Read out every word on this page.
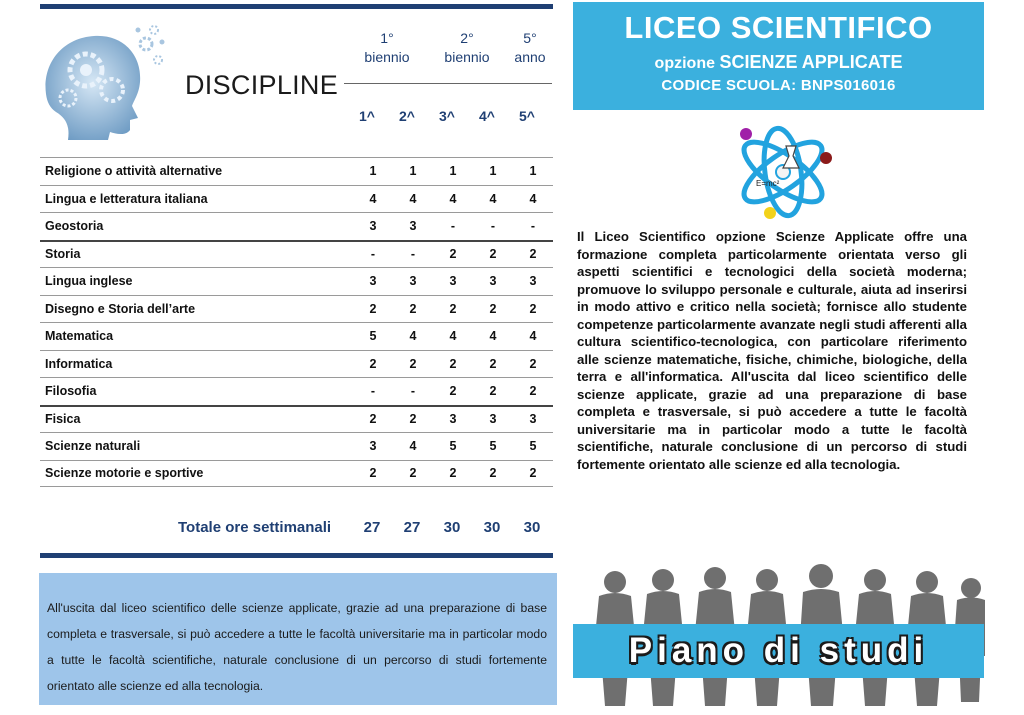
DISCIPLINE
1°
biennio
2°
biennio
5°
anno
1^	2^	3^	4^	5^
Religione o attività alternative	1	1	1	1	1
Lingua e letteratura italiana	4	4	4	4	4
Geostoria	3	3	-	-	-
Storia	-	-	2	2	2
Lingua inglese	3	3	3	3	3
Disegno e Storia dell’arte	2	2	2	2	2
Matematica	5	4	4	4	4
Informatica	2	2	2	2	2
Filosofia	-	-	2	2	2
Fisica	2	2	3	3	3
Scienze naturali	3	4	5	5	5
Scienze motorie e sportive	2	2	2	2	2
Totale ore settimanali	27	27	30	30	30

All'uscita dal liceo scientifico delle scienze applicate, grazie ad una preparazione di base completa e trasversale, si può accedere a tutte le facoltà universitarie ma in particolar modo a tutte le facoltà scientifiche, naturale conclusione di un percorso di studi fortemente orientato alle scienze ed alla tecnologia.

LICEO SCIENTIFICO
opzione SCIENZE APPLICATE
CODICE SCUOLA: BNPS016016
E=mc²

Il Liceo Scientifico opzione Scienze Applicate offre una formazione completa particolarmente orientata verso gli aspetti scientifici e tecnologici della società moderna; promuove lo sviluppo personale e culturale, aiuta ad inserirsi in modo attivo e critico nella società; fornisce allo studente competenze particolarmente avanzate negli studi afferenti alla cultura scientifico-tecnologica, con particolare riferimento alle scienze matematiche, fisiche, chimiche, biologiche, della terra e all'informatica. All'uscita dal liceo scientifico delle scienze applicate, grazie ad una preparazione di base completa e trasversale, si può accedere a tutte le facoltà universitarie ma in particolar modo a tutte le facoltà scientifiche, naturale conclusione di un percorso di studi fortemente orientato alle scienze ed alla tecnologia.

Piano di studi
